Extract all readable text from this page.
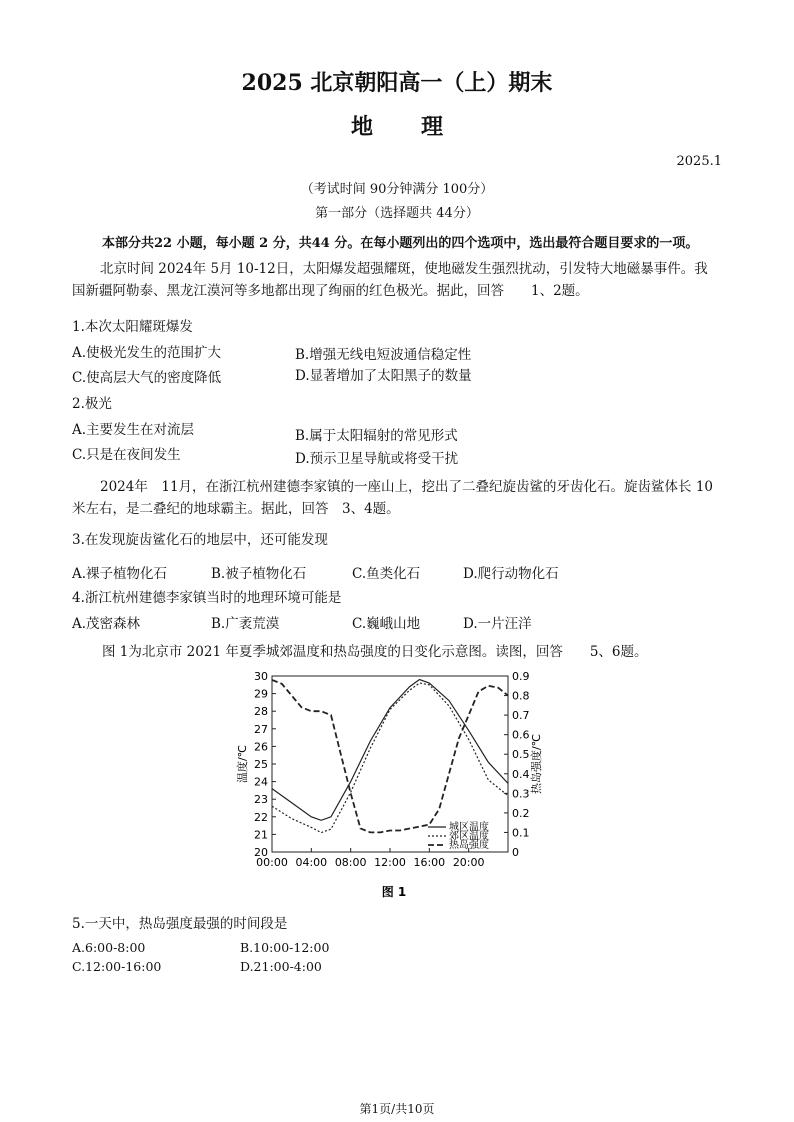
2025 北京朝阳高一（上）期末
地 理
2025.1
（考试时间 90分钟满分 100分）
第一部分（选择题共 44分）
本部分共22 小题，每小题 2 分，共44 分。在每小题列出的四个选项中，选出最符合题目要求的一项。
北京时间 2024年 5月 10-12日，太阳爆发超强耀斑，使地磁发生强烈扰动，引发特大地磁暴事件。我
国新疆阿勒泰、黑龙江漠河等多地都出现了绚丽的红色极光。据此，回答　　1、2题。
1.本次太阳耀斑爆发
A.使极光发生的范围扩大	B.增强无线电短波通信稳定性
C.使高层大气的密度降低	D.显著增加了太阳黑子的数量
2.极光
A.主要发生在对流层	B.属于太阳辐射的常见形式
C.只是在夜间发生	D.预示卫星导航或将受干扰
2024年　11月，在浙江杭州建德李家镇的一座山上，挖出了二叠纪旋齿鲨的牙齿化石。旋齿鲨体长 10
米左右，是二叠纪的地球霸主。据此，回答　3、4题。
3.在发现旋齿鲨化石的地层中，还可能发现
A.裸子植物化石	B.被子植物化石	C.鱼类化石	D.爬行动物化石
4.浙江杭州建德李家镇当时的地理环境可能是
A.茂密森林	B.广袤荒漠	C.巍峨山地	D.一片汪洋
图 1为北京市 2021 年夏季城郊温度和热岛强度的日变化示意图。读图，回答　　5、6题。
20
21
22
23
24
25
26
27
28
29
30
0
0.1
0.2
0.3
0.4
0.5
0.6
0.7
0.8
0.9
00:00 04:00 08:00 12:00 16:00 20:00
温度/℃	热岛强度/℃
城区温度
郊区温度
热岛强度
图 1
5.一天中，热岛强度最强的时间段是
A.6:00-8:00	B.10:00-12:00
C.12:00-16:00	D.21:00-4:00
第1页/共10页
